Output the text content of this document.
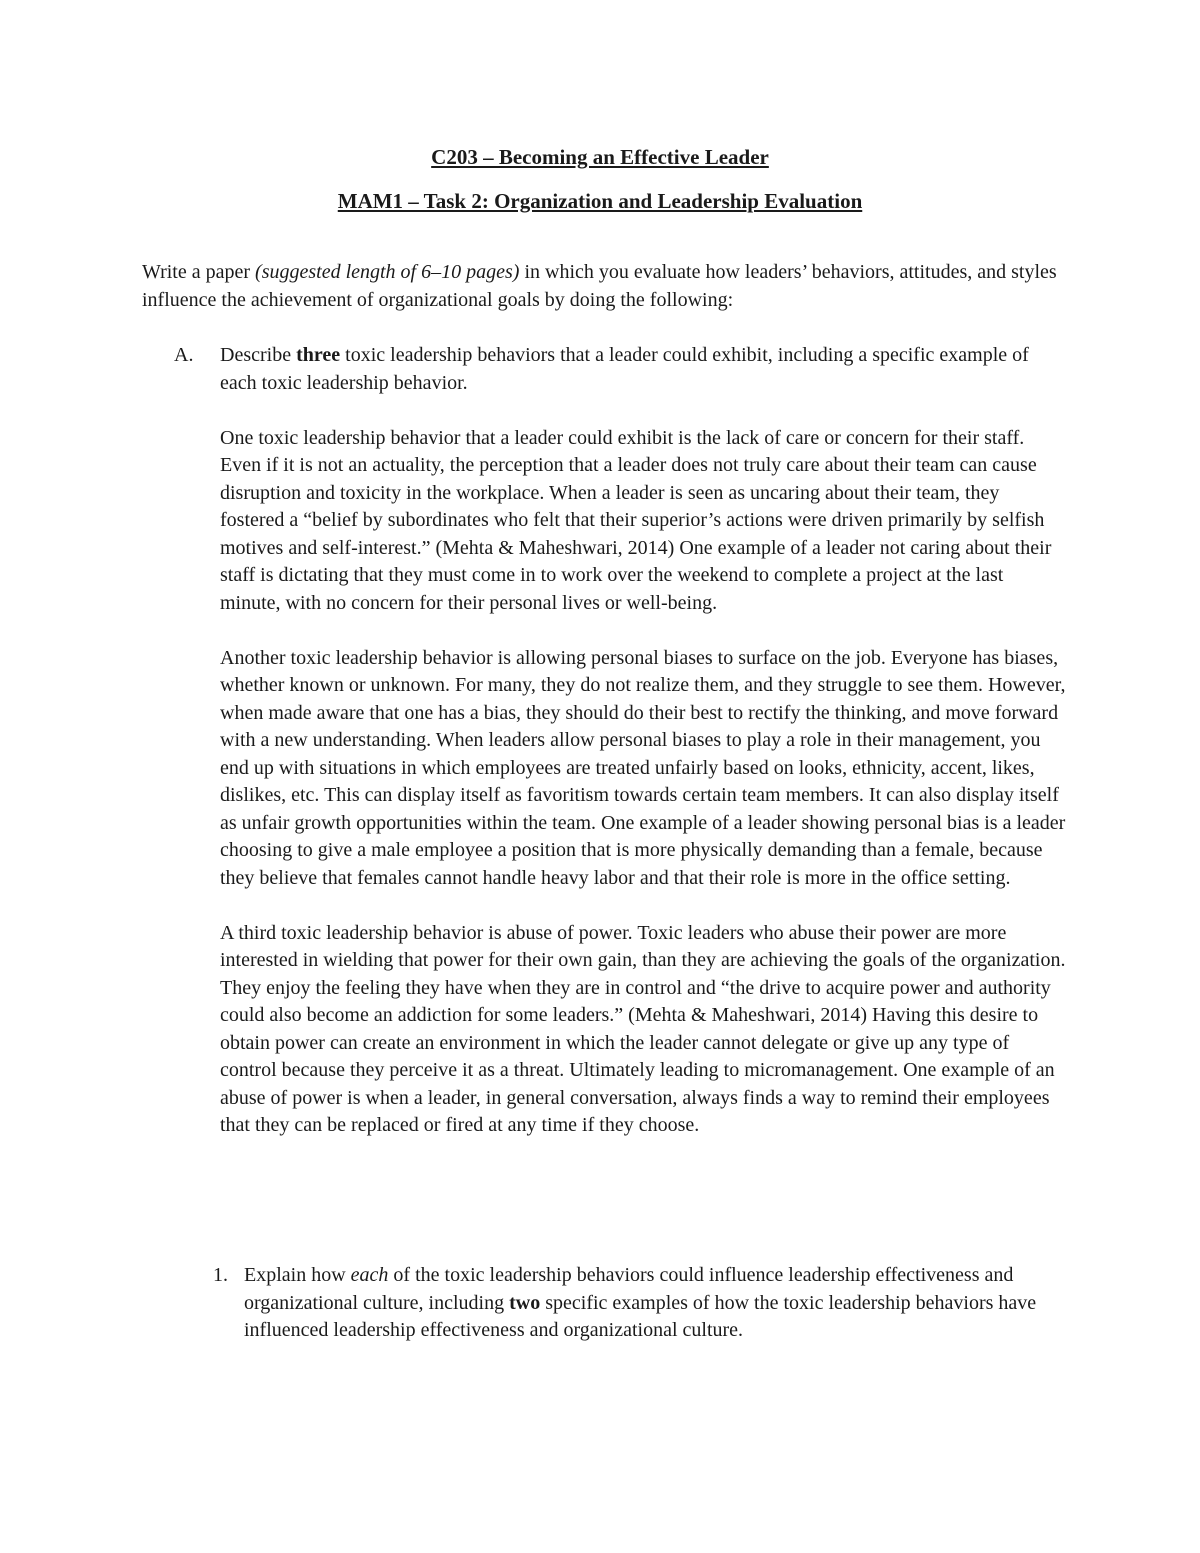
C203 – Becoming an Effective Leader
MAM1 – Task 2: Organization and Leadership Evaluation
Write a paper (suggested length of 6–10 pages) in which you evaluate how leaders’ behaviors, attitudes, and styles influence the achievement of organizational goals by doing the following:
A. Describe three toxic leadership behaviors that a leader could exhibit, including a specific example of each toxic leadership behavior.

One toxic leadership behavior that a leader could exhibit is the lack of care or concern for their staff. Even if it is not an actuality, the perception that a leader does not truly care about their team can cause disruption and toxicity in the workplace. When a leader is seen as uncaring about their team, they fostered a “belief by subordinates who felt that their superior’s actions were driven primarily by selfish motives and self-interest.” (Mehta & Maheshwari, 2014) One example of a leader not caring about their staff is dictating that they must come in to work over the weekend to complete a project at the last minute, with no concern for their personal lives or well-being.

Another toxic leadership behavior is allowing personal biases to surface on the job. Everyone has biases, whether known or unknown. For many, they do not realize them, and they struggle to see them. However, when made aware that one has a bias, they should do their best to rectify the thinking, and move forward with a new understanding. When leaders allow personal biases to play a role in their management, you end up with situations in which employees are treated unfairly based on looks, ethnicity, accent, likes, dislikes, etc. This can display itself as favoritism towards certain team members. It can also display itself as unfair growth opportunities within the team. One example of a leader showing personal bias is a leader choosing to give a male employee a position that is more physically demanding than a female, because they believe that females cannot handle heavy labor and that their role is more in the office setting.

A third toxic leadership behavior is abuse of power. Toxic leaders who abuse their power are more interested in wielding that power for their own gain, than they are achieving the goals of the organization. They enjoy the feeling they have when they are in control and “the drive to acquire power and authority could also become an addiction for some leaders.” (Mehta & Maheshwari, 2014) Having this desire to obtain power can create an environment in which the leader cannot delegate or give up any type of control because they perceive it as a threat. Ultimately leading to micromanagement. One example of an abuse of power is when a leader, in general conversation, always finds a way to remind their employees that they can be replaced or fired at any time if they choose.

1. Explain how each of the toxic leadership behaviors could influence leadership effectiveness and organizational culture, including two specific examples of how the toxic leadership behaviors have influenced leadership effectiveness and organizational culture.
